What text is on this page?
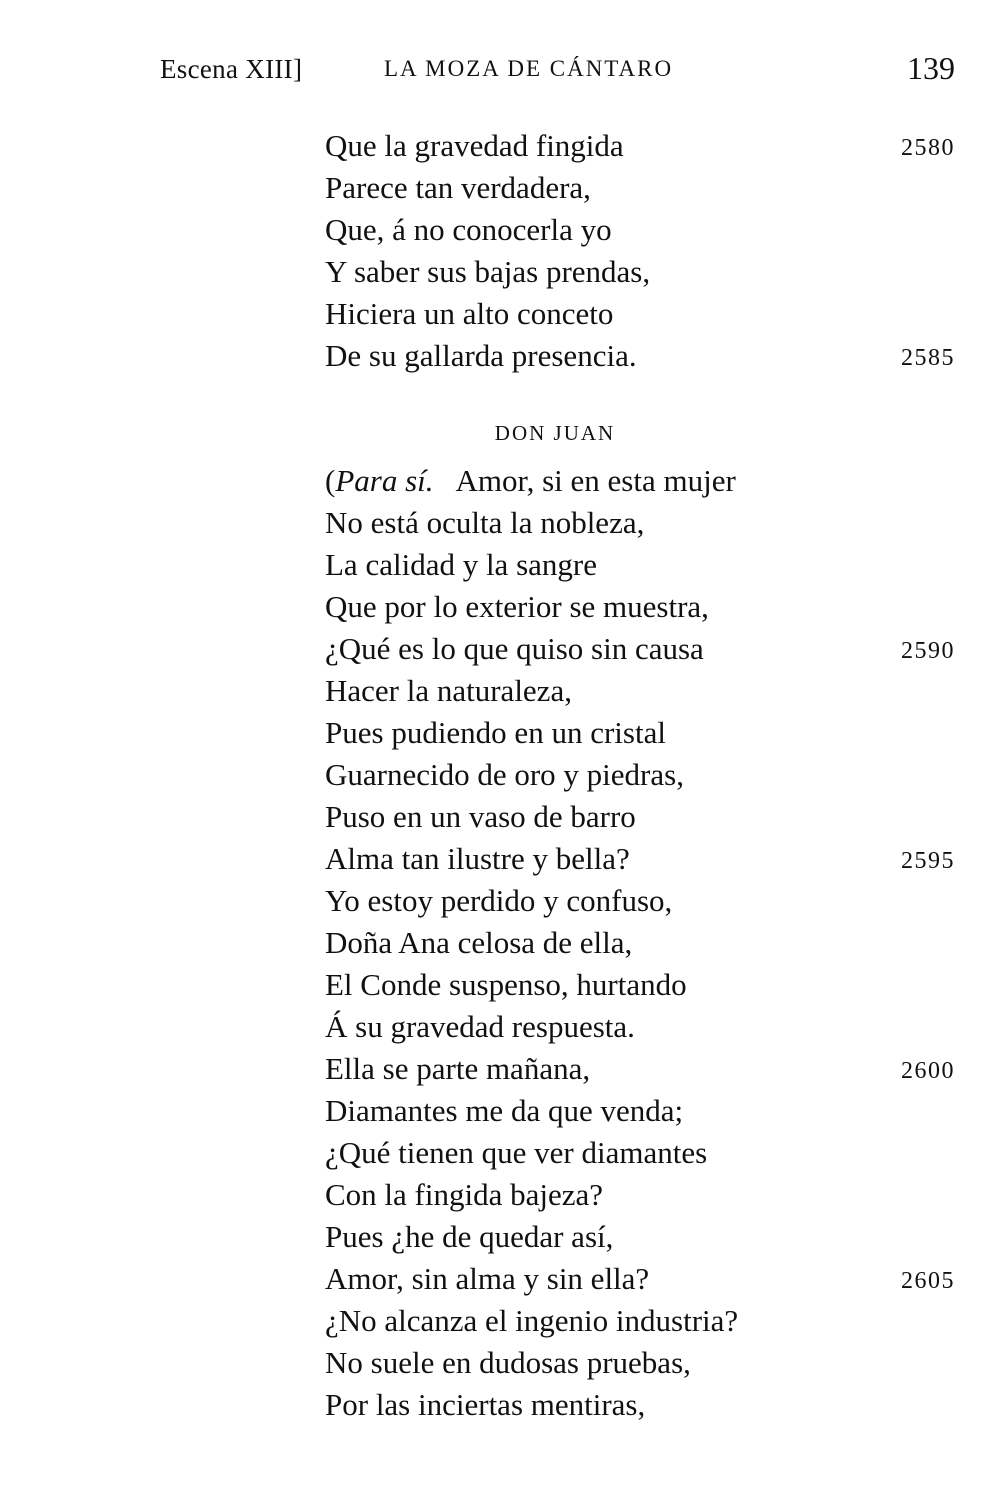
Escena XIII]	LA MOZA DE CÁNTARO	139
Que la gravedad fingida	2580
Parece tan verdadera,
Que, á no conocerla yo
Y saber sus bajas prendas,
Hiciera un alto conceto
De su gallarda presencia.	2585
DON JUAN
(Para sí. Amor, si en esta mujer
No está oculta la nobleza,
La calidad y la sangre
Que por lo exterior se muestra,
¿Qué es lo que quiso sin causa	2590
Hacer la naturaleza,
Pues pudiendo en un cristal
Guarnecido de oro y piedras,
Puso en un vaso de barro
Alma tan ilustre y bella?	2595
Yo estoy perdido y confuso,
Doña Ana celosa de ella,
El Conde suspenso, hurtando
Á su gravedad respuesta.
Ella se parte mañana,	2600
Diamantes me da que venda;
¿Qué tienen que ver diamantes
Con la fingida bajeza?
Pues ¿he de quedar así,
Amor, sin alma y sin ella?	2605
¿No alcanza el ingenio industria?
No suele en dudosas pruebas,
Por las inciertas mentiras,
